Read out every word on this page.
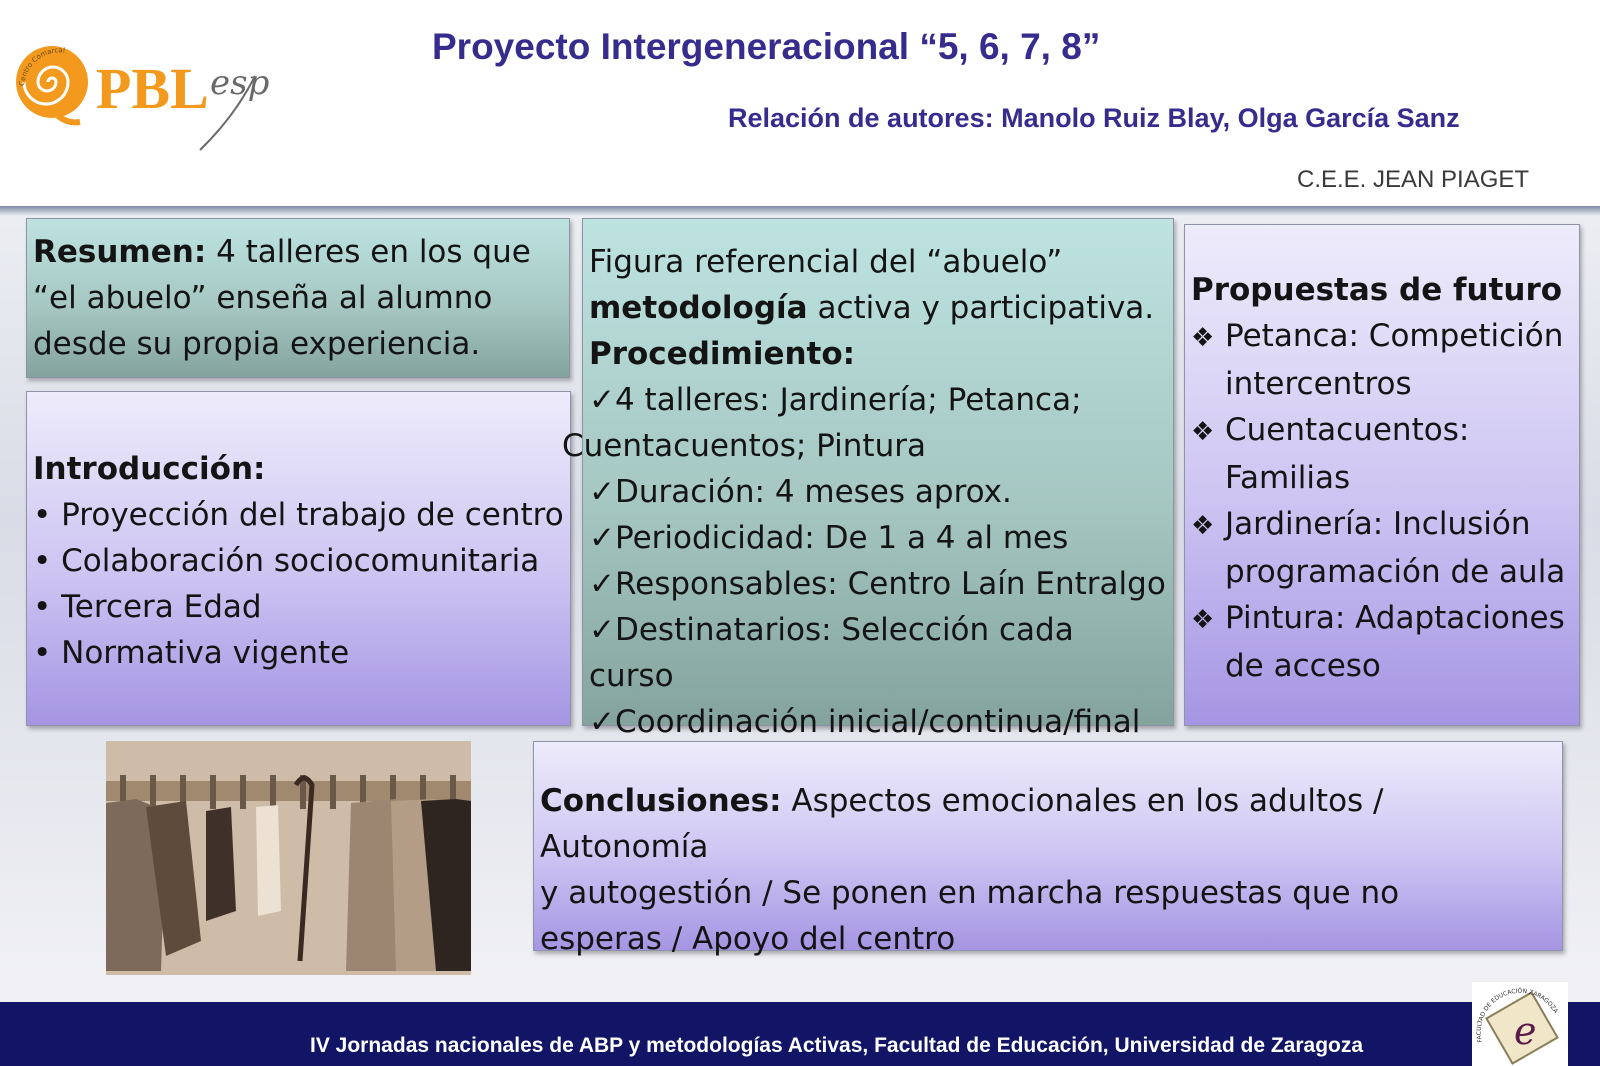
Centro Comarcal
PBL esp
PBLesp	Proyecto Intergeneracional “5, 6, 7, 8”
Relación de autores: Manolo Ruiz Blay, Olga García Sanz
C.E.E. JEAN PIAGET
Resumen: 4 talleres en los que
“el abuelo” enseña al alumno
desde su propia experiencia.
Introducción:
• Proyección del trabajo de centro
• Colaboración sociocomunitaria
• Tercera Edad
• Normativa vigente
Figura referencial del “abuelo”
metodología activa y participativa.
Procedimiento:
✓ 4 talleres: Jardinería; Petanca;
Cuentacuentos; Pintura
✓ Duración: 4 meses aprox.
✓ Periodicidad: De 1 a 4 al mes
✓ Responsables: Centro Laín Entralgo
✓ Destinatarios: Selección cada curso
✓ Coordinación inicial/continua/final
Propuestas de futuro
❖ Petanca: Competición intercentros
❖ Cuentacuentos: Familias
❖ Jardinería: Inclusión programación de aula
❖ Pintura: Adaptaciones de acceso
Conclusiones: Aspectos emocionales en los adultos / Autonomía
y autogestión / Se ponen en marcha respuestas que no
esperas / Apoyo del centro
IV Jornadas nacionales de ABP y metodologías Activas, Facultad de Educación, Universidad de Zaragoza	e
FACULTAD DE EDUCACIÓN ZARAGOZA
